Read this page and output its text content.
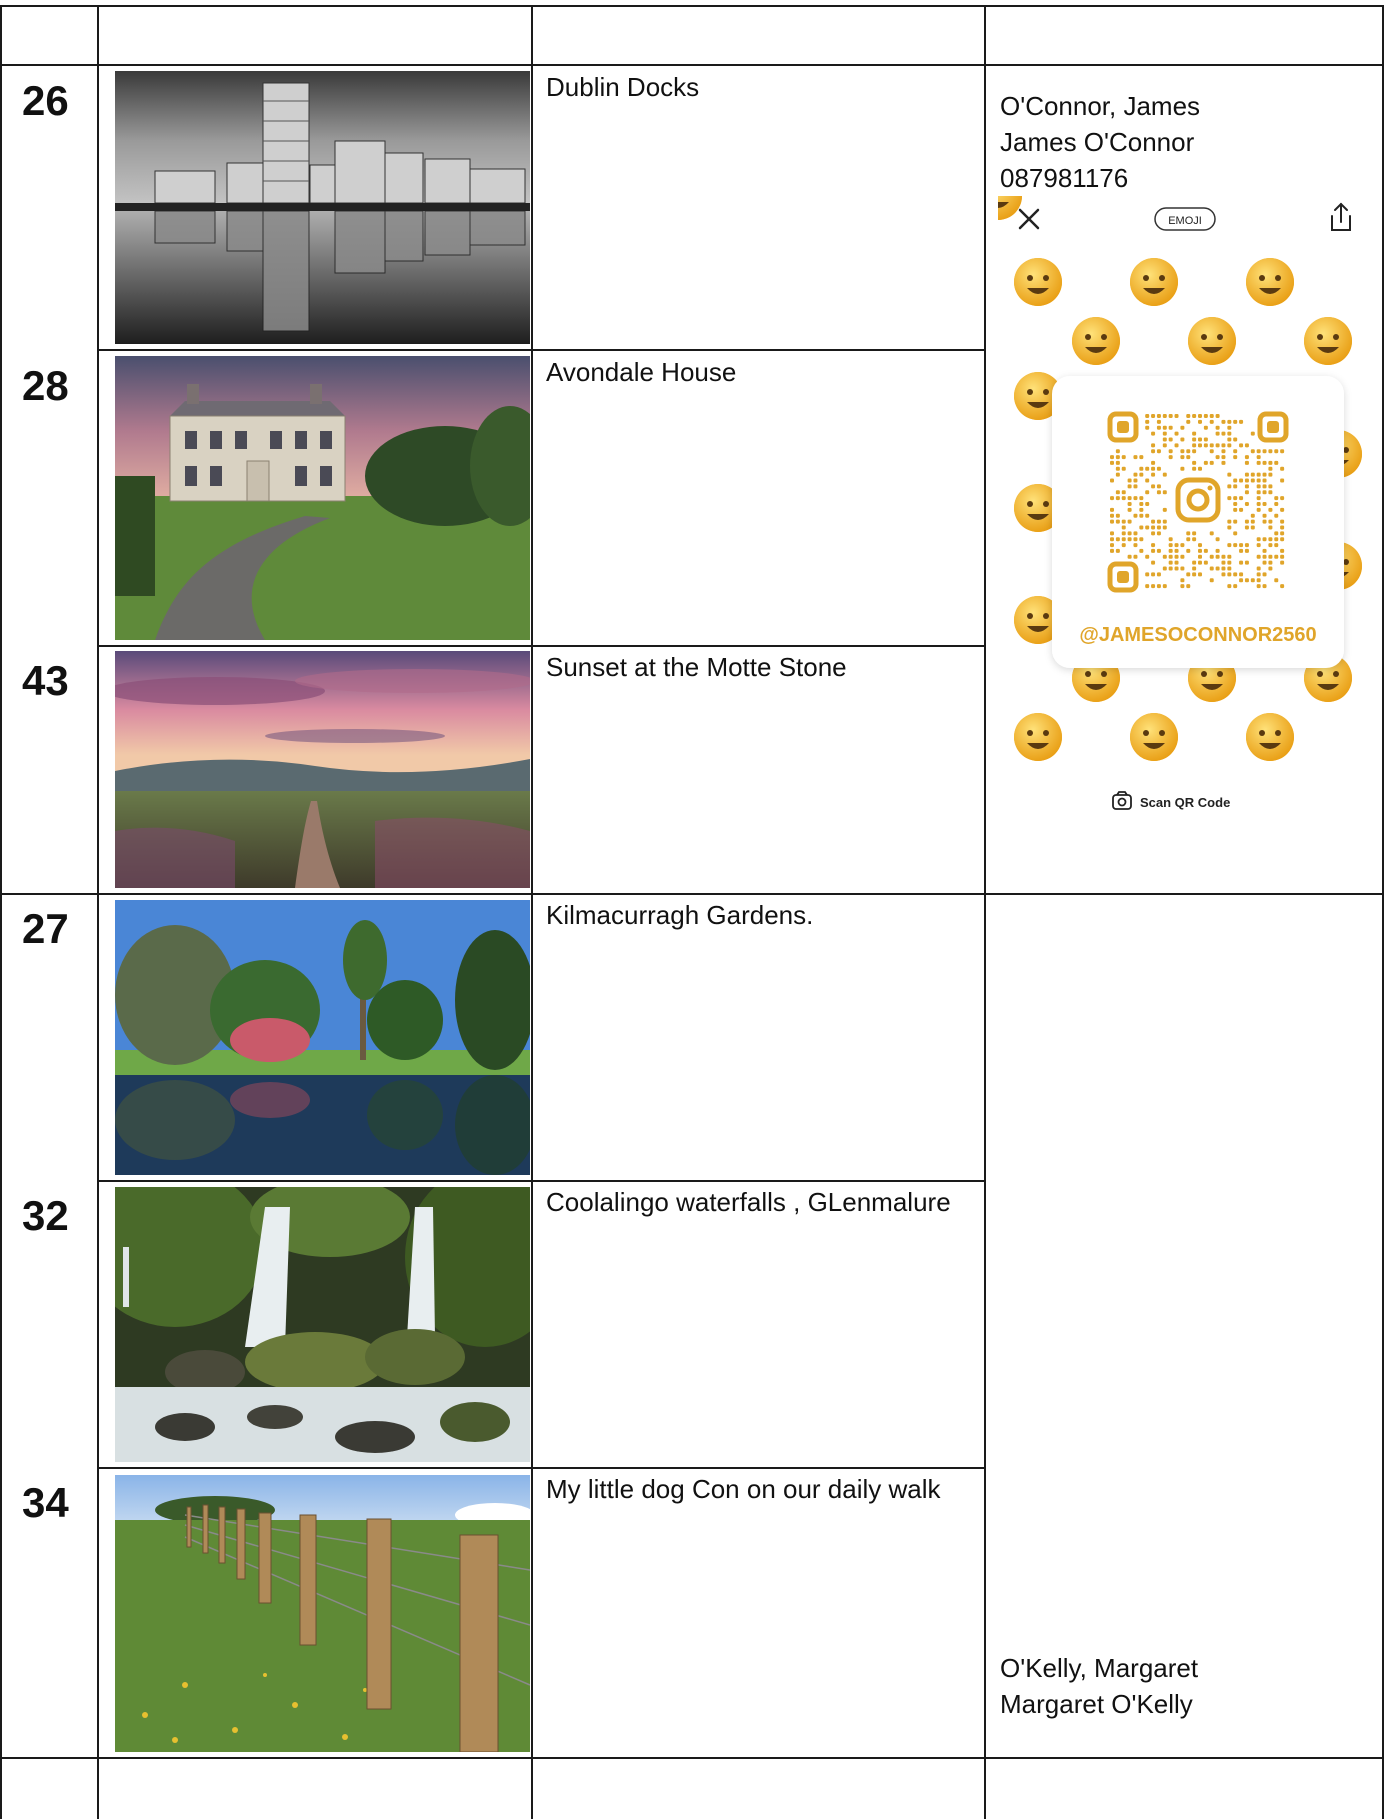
26
28
43
27
32
34
Dublin Docks
Avondale House
Sunset at the Motte Stone
Kilmacurragh Gardens.
Coolalingo waterfalls , GLenmalure
My little dog Con on our daily walk
O'Connor, James
James O'Connor
087981176
EMOJI
@JAMESOCONNOR2560
Scan QR Code
O'Kelly, Margaret
Margaret O'Kelly
